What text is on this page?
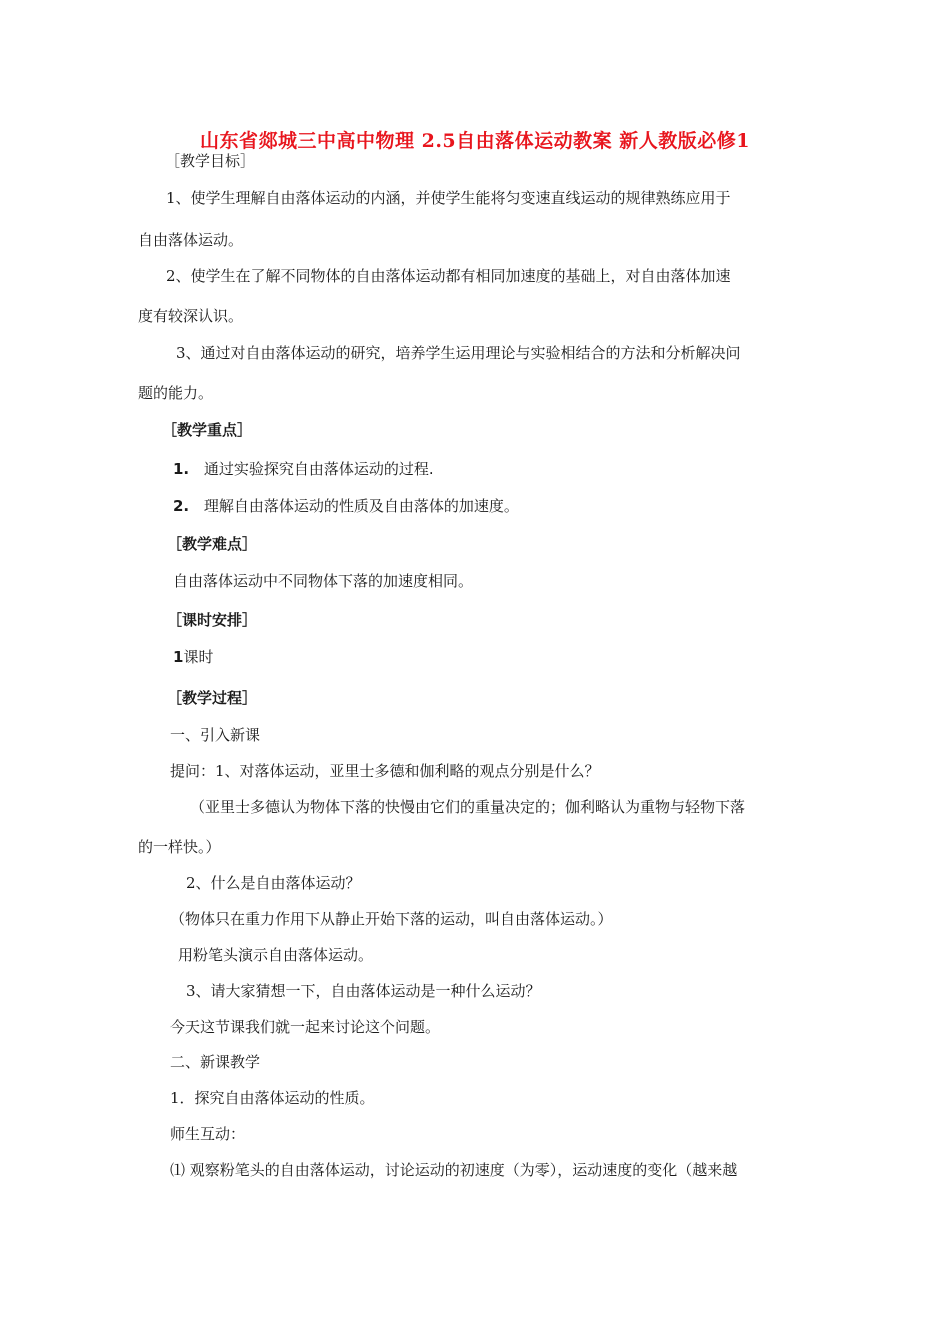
山东省郯城三中高中物理 2.5自由落体运动教案 新人教版必修1
［教学目标］
1、使学生理解自由落体运动的内涵，并使学生能将匀变速直线运动的规律熟练应用于
自由落体运动。
2、使学生在了解不同物体的自由落体运动都有相同加速度的基础上，对自由落体加速
度有较深认识。
3、通过对自由落体运动的研究，培养学生运用理论与实验相结合的方法和分析解决问
题的能力。
［教学重点］
1. 通过实验探究自由落体运动的过程.
2. 理解自由落体运动的性质及自由落体的加速度。
［教学难点］
自由落体运动中不同物体下落的加速度相同。
［课时安排］
1课时
［教学过程］
一、引入新课
提问：1、对落体运动，亚里士多德和伽利略的观点分别是什么？
（亚里士多德认为物体下落的快慢由它们的重量决定的；伽利略认为重物与轻物下落
的一样快。）
2、什么是自由落体运动？
（物体只在重力作用下从静止开始下落的运动，叫自由落体运动。）
用粉笔头演示自由落体运动。
3、请大家猜想一下，自由落体运动是一种什么运动？
今天这节课我们就一起来讨论这个问题。
二、新课教学
1．探究自由落体运动的性质。
师生互动：
⑴ 观察粉笔头的自由落体运动，讨论运动的初速度（为零），运动速度的变化（越来越
